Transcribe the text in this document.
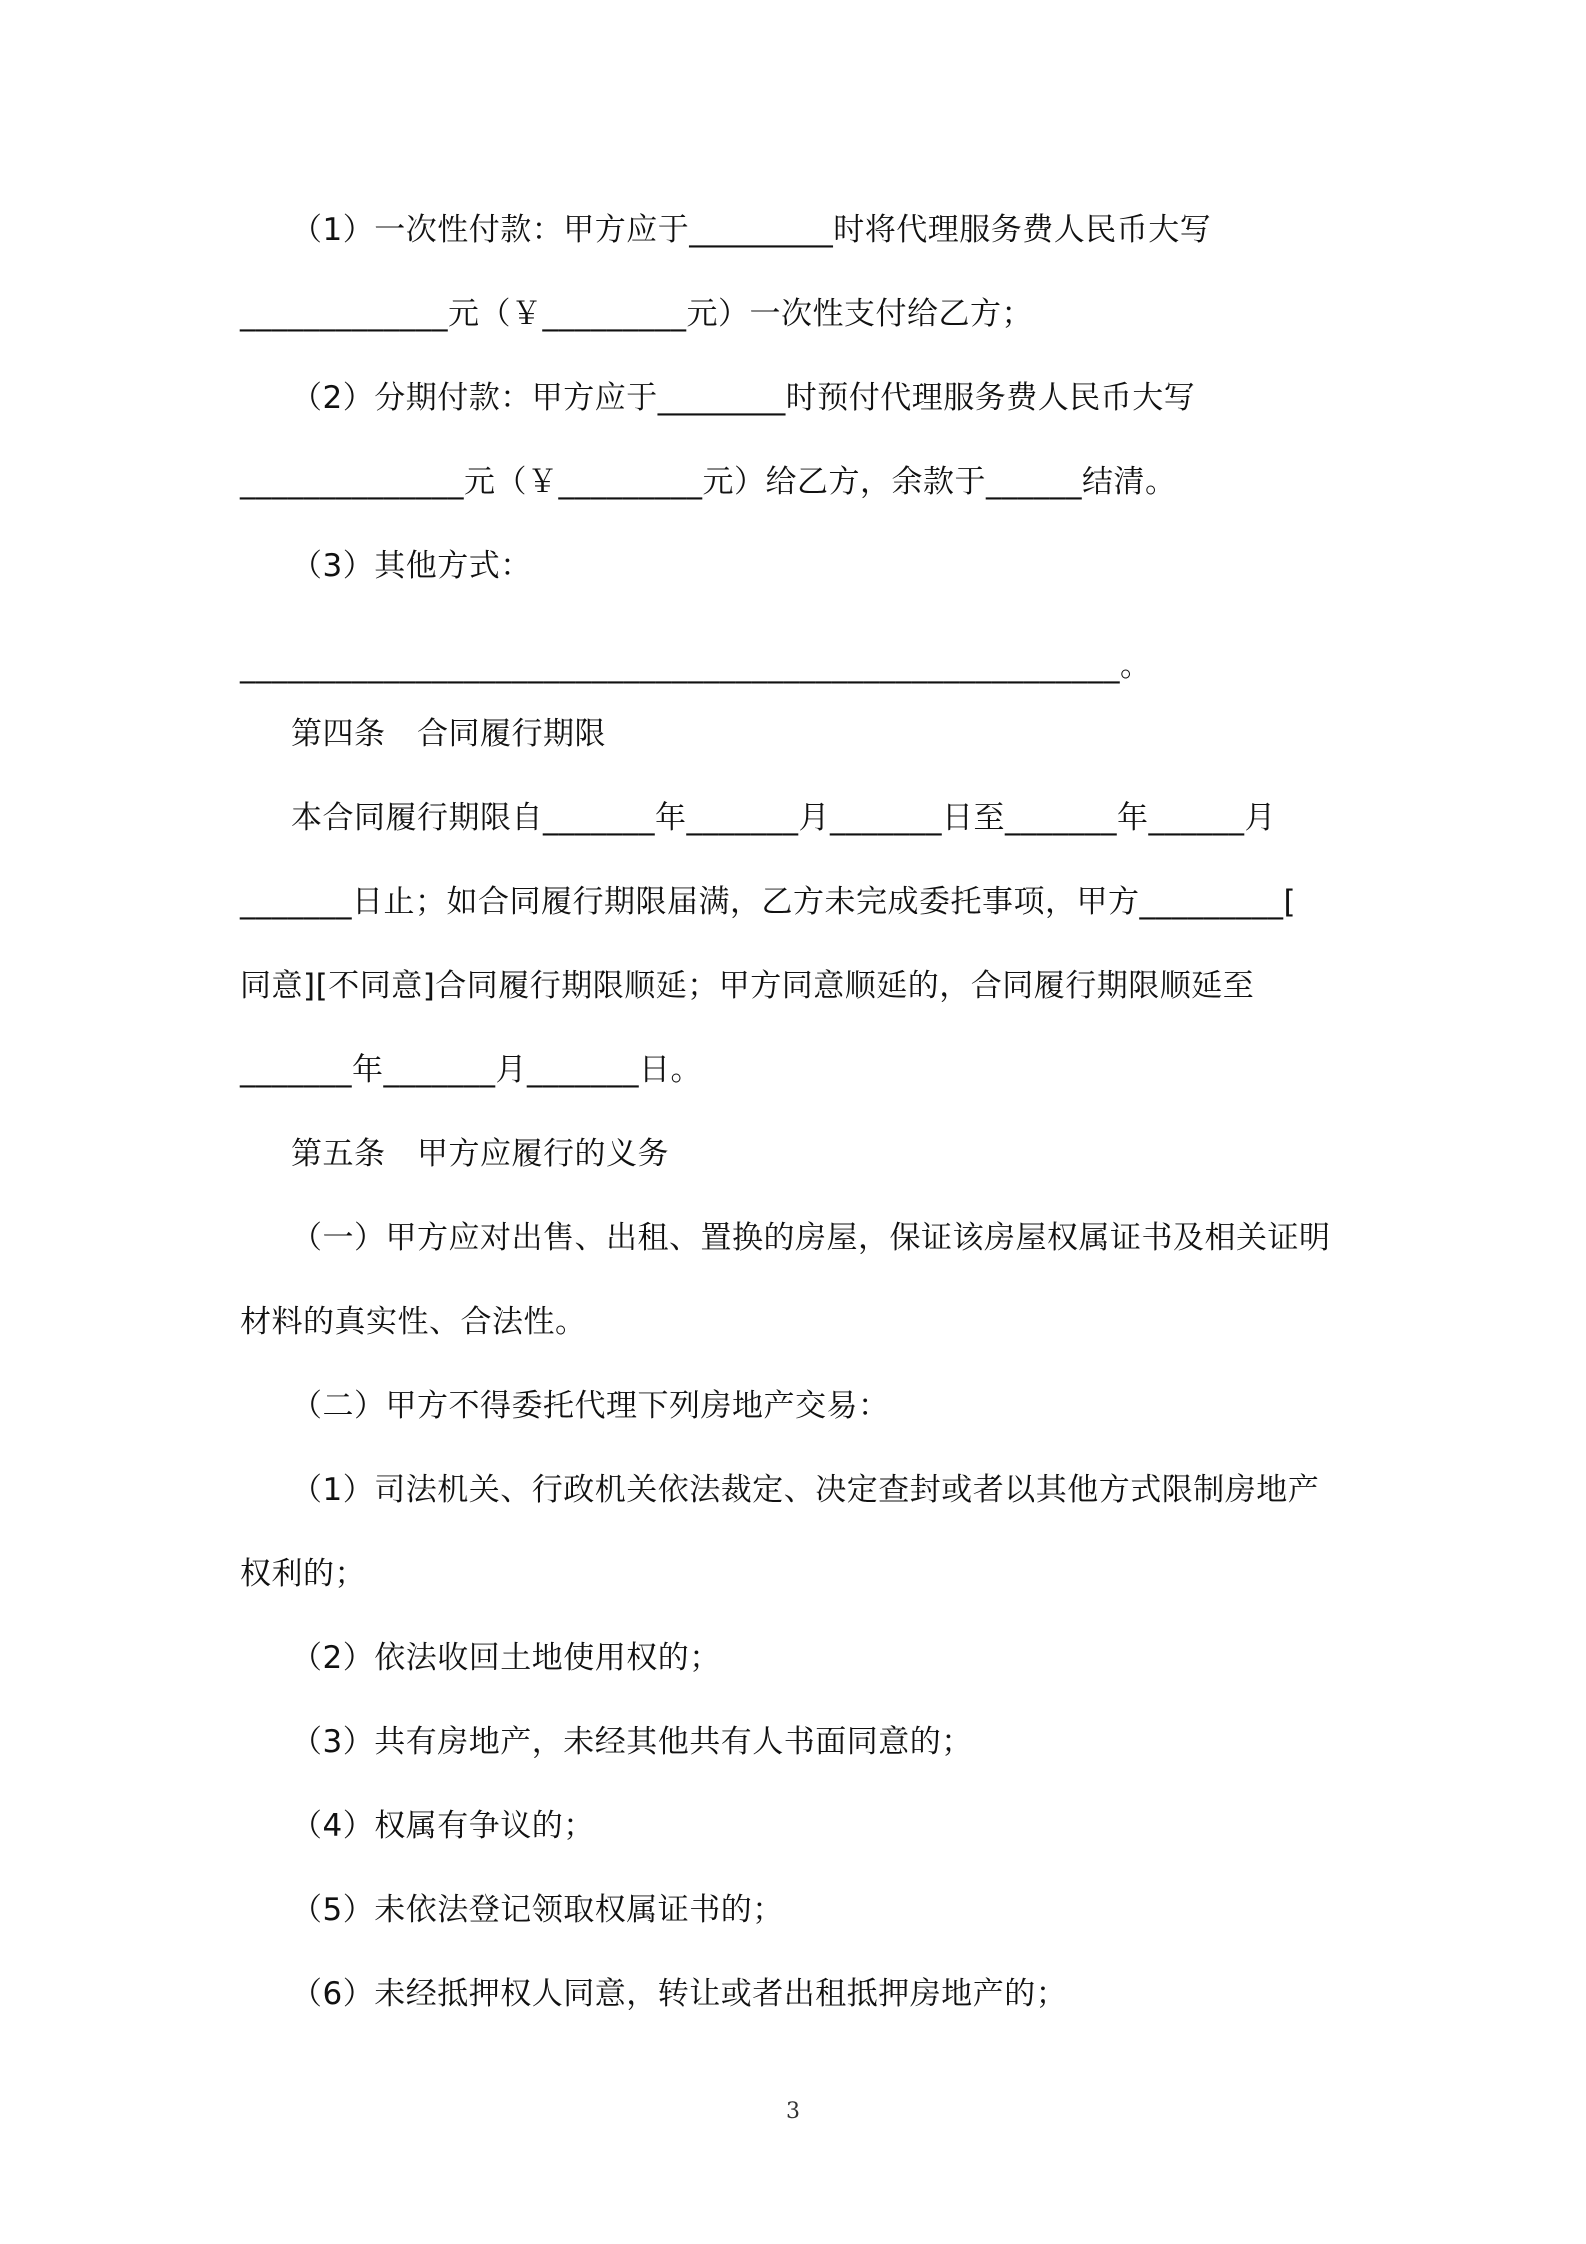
（1）一次性付款：甲方应于_________时将代理服务费人民币大写
_____________元（￥_________元）一次性支付给乙方；
（2）分期付款：甲方应于________时预付代理服务费人民币大写
______________元（￥_________元）给乙方，余款于______结清。
（3）其他方式：
_______________________________________________________。
第四条　合同履行期限
本合同履行期限自_______年_______月_______日至_______年______月
_______日止；如合同履行期限届满，乙方未完成委托事项，甲方_________[
同意][不同意]合同履行期限顺延；甲方同意顺延的，合同履行期限顺延至
_______年_______月_______日。
第五条　甲方应履行的义务
（一）甲方应对出售、出租、置换的房屋，保证该房屋权属证书及相关证明
材料的真实性、合法性。
（二）甲方不得委托代理下列房地产交易：
（1）司法机关、行政机关依法裁定、决定查封或者以其他方式限制房地产
权利的；
（2）依法收回土地使用权的；
（3）共有房地产，未经其他共有人书面同意的；
（4）权属有争议的；
（5）未依法登记领取权属证书的；
（6）未经抵押权人同意，转让或者出租抵押房地产的；
3
